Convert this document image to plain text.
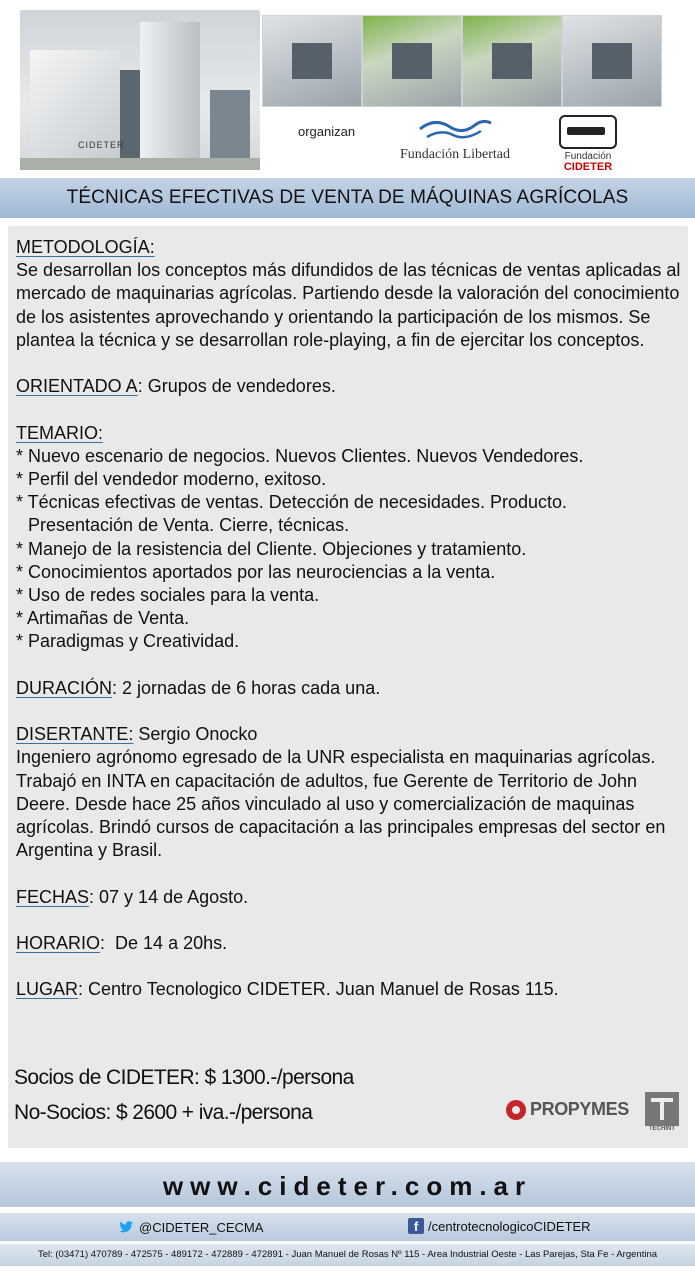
CIDETER
organizan
Fundación Libertad	Fundación
CIDETER
TÉCNICAS EFECTIVAS DE VENTA DE MÁQUINAS AGRÍCOLAS

METODOLOGÍA:

Se desarrollan los conceptos más difundidos de las técnicas de ventas aplicadas al mercado de maquinarias agrícolas. Partiendo desde la valoración del conocimiento de los asistentes aprovechando y orientando la participación de los mismos. Se plantea la técnica y se desarrollan role-playing, a fin de ejercitar los conceptos.

ORIENTADO A: Grupos de vendedores.

TEMARIO:

* Nuevo escenario de negocios. Nuevos Clientes. Nuevos Vendedores.

* Perfil del vendedor moderno, exitoso.

* Técnicas efectivas de ventas. Detección de necesidades. Producto.

Presentación de Venta. Cierre, técnicas.

* Manejo de la resistencia del Cliente. Objeciones y tratamiento.

* Conocimientos aportados por las neurociencias a la venta.

* Uso de redes sociales para la venta.

* Artimañas de Venta.

* Paradigmas y Creatividad.

DURACIÓN: 2 jornadas de 6 horas cada una.

DISERTANTE: Sergio Onocko

Ingeniero agrónomo egresado de la UNR especialista en maquinarias agrícolas. Trabajó en INTA en capacitación de adultos, fue Gerente de Territorio de John Deere. Desde hace 25 años vinculado al uso y comercialización de maquinas agrícolas. Brindó cursos de capacitación a las principales empresas del sector en Argentina y Brasil.

FECHAS: 07 y 14 de Agosto.

HORARIO:  De 14 a 20hs.

LUGAR: Centro Tecnologico CIDETER. Juan Manuel de Rosas 115.

Socios de CIDETER: $ 1300.-/persona
No-Socios: $ 2600 + iva.-/persona	PROPYMES
TECHINT
www.cideter.com.ar
@CIDETER_CECMA	f /centrotecnologicoCIDETER
Tel: (03471) 470789 - 472575 - 489172 - 472889 - 472891 - Juan Manuel de Rosas Nº 115 - Area Industrial Oeste - Las Parejas, Sta Fe - Argentina
